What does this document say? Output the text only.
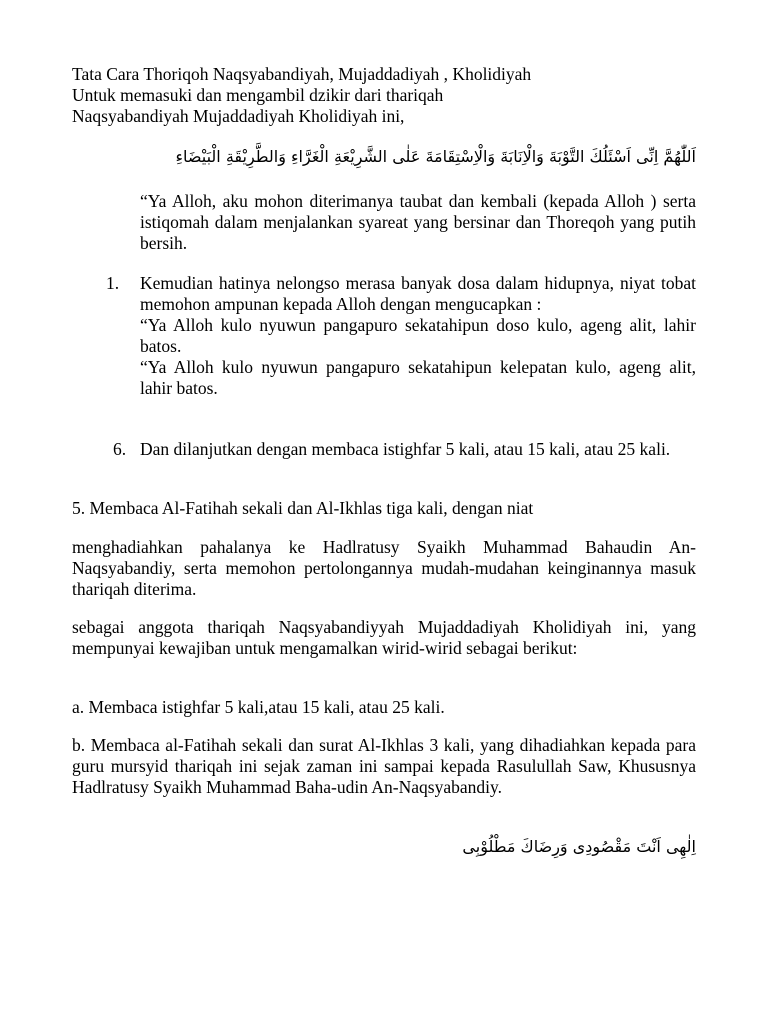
Tata Cara Thoriqoh Naqsyabandiyah, Mujaddadiyah , Kholidiyah
Untuk memasuki dan mengambil dzikir dari thariqah
Naqsyabandiyah Mujaddadiyah Kholidiyah ini,
اَللّٰهُمَّ اِنِّى اَسْئَلُكَ التَّوْبَةَ وَالْاِنَابَةَ وَالْاِسْتِقَامَةَ عَلٰى الشَّرِيْعَةِ الْغَرَّاءِ وَالطَّرِيْقَةِ الْبَيْضَاءِ
“Ya Alloh, aku mohon diterimanya taubat dan kembali (kepada Alloh ) serta istiqomah dalam menjalankan syareat yang bersinar dan Thoreqoh yang putih bersih.
1. Kemudian hatinya nelongso merasa banyak dosa dalam hidupnya, niyat tobat memohon ampunan kepada Alloh dengan mengucapkan :
“Ya Alloh kulo nyuwun pangapuro sekatahipun doso kulo, ageng alit, lahir batos.
“Ya Alloh kulo nyuwun pangapuro sekatahipun kelepatan kulo, ageng alit, lahir batos.
6. Dan dilanjutkan dengan membaca istighfar 5 kali, atau 15 kali, atau 25 kali.
5. Membaca Al-Fatihah sekali dan Al-Ikhlas tiga kali, dengan niat
menghadiahkan pahalanya ke Hadlratusy Syaikh Muhammad Bahaudin An-Naqsyabandiy, serta memohon pertolongannya mudah-mudahan keinginannya masuk thariqah diterima.
sebagai anggota thariqah Naqsyabandiyyah Mujaddadiyah Kholidiyah ini, yang mempunyai kewajiban untuk mengamalkan wirid-wirid sebagai berikut:
a. Membaca istighfar 5 kali,atau 15 kali, atau 25 kali.
b. Membaca al-Fatihah sekali dan surat Al-Ikhlas 3 kali, yang dihadiahkan kepada para guru mursyid thariqah ini sejak zaman ini sampai kepada Rasulullah Saw, Khususnya Hadlratusy Syaikh Muhammad Baha-udin An-Naqsyabandiy.
اِلٰهِى اَنْتَ مَقْصُودِى وَرِضَاكَ مَطْلُوْبِى
